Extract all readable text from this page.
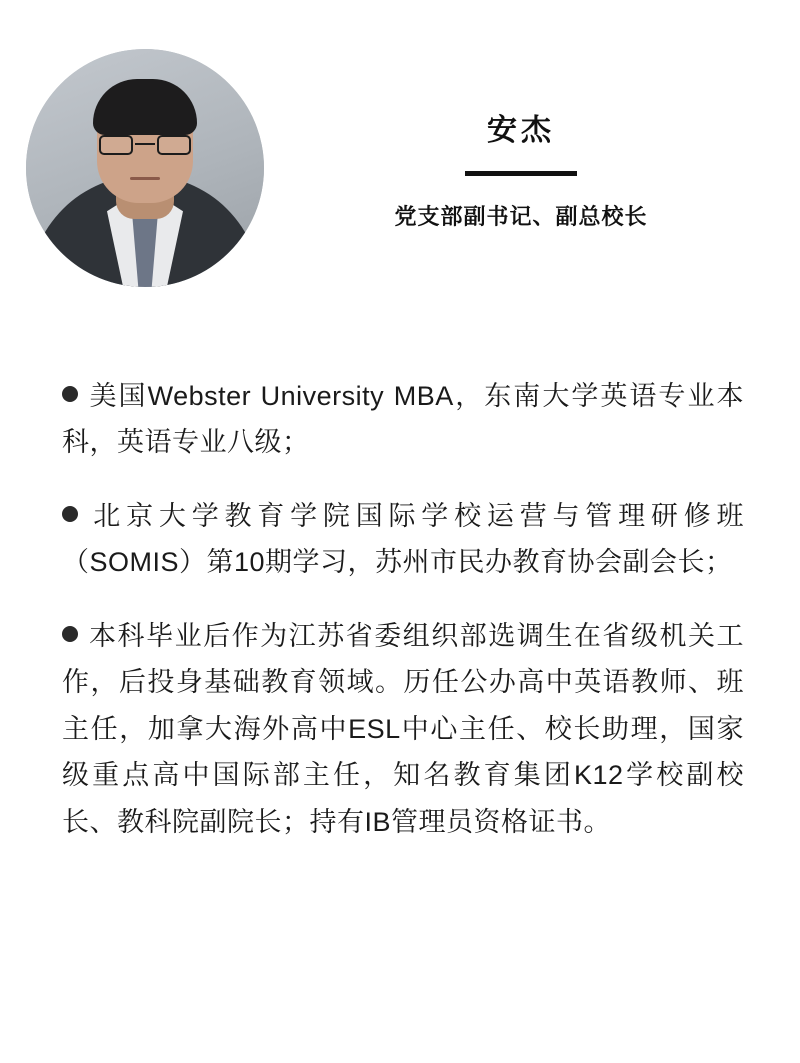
安杰
党支部副书记、副总校长

美国Webster University MBA，东南大学英语专业本科，英语专业八级；

北京大学教育学院国际学校运营与管理研修班（SOMIS）第10期学习，苏州市民办教育协会副会长；

本科毕业后作为江苏省委组织部选调生在省级机关工作，后投身基础教育领域。历任公办高中英语教师、班主任，加拿大海外高中ESL中心主任、校长助理，国家级重点高中国际部主任，知名教育集团K12学校副校长、教科院副院长；持有IB管理员资格证书。
